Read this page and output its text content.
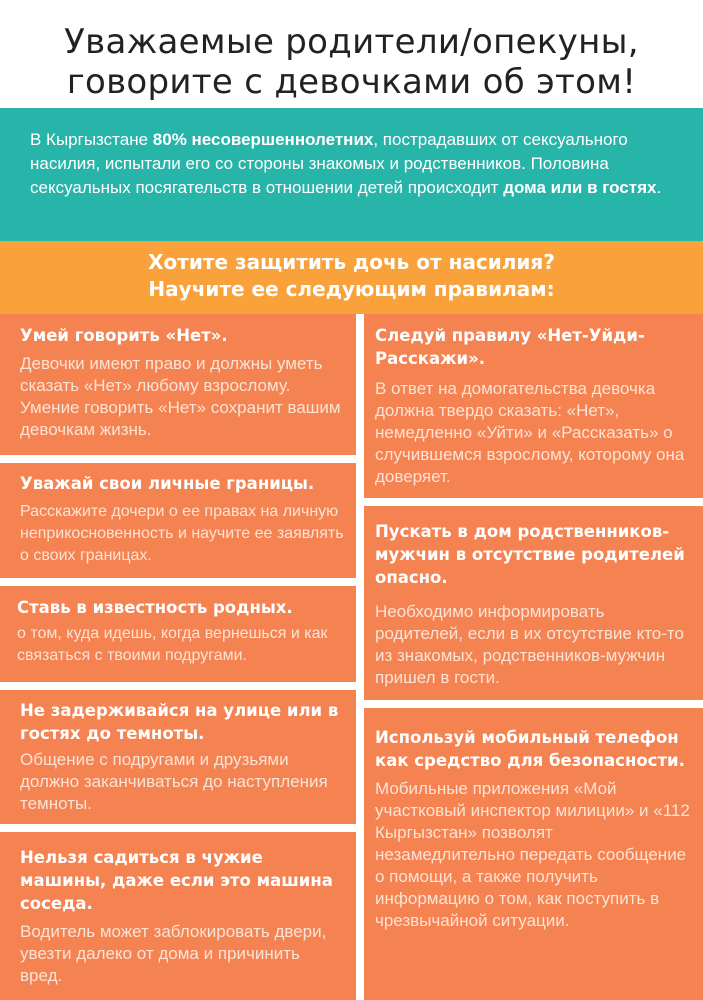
Уважаемые родители/опекуны,
говорите с девочками об этом!
В Кыргызстане 80% несовершеннолетних, пострадавших от сексуального насилия, испытали его со стороны знакомых и родственников. Половина сексуальных посягательств в отношении детей происходит дома или в гостях.
Хотите защитить дочь от насилия?
Научите ее следующим правилам:

Умей говорить «Нет».

Девочки имеют право и должны уметь сказать «Нет» любому взрослому. Умение говорить «Нет» сохранит вашим девочкам жизнь.

Уважай свои личные границы.

Расскажите дочери о ее правах на личную неприкосновенность и научите ее заявлять о своих границах.

Ставь в известность родных.

о том, куда идешь, когда вернешься и как связаться с твоими подругами.

Не задерживайся на улице или в гостях до темноты.

Общение с подругами и друзьями должно заканчиваться до наступления темноты.

Нельзя садиться в чужие машины, даже если это машина соседа.

Водитель может заблокировать двери, увезти далеко от дома и причинить вред.

Следуй правилу «Нет-Уйди-Расскажи».

В ответ на домогательства девочка должна твердо сказать: «Нет», немедленно «Уйти» и «Рассказать» о случившемся взрослому, которому она доверяет.

Пускать в дом родственников-мужчин в отсутствие родителей опасно.

Необходимо информировать родителей, если в их отсутствие кто-то из знакомых, родственников-мужчин пришел в гости.

Используй мобильный телефон как средство для безопасности.

Мобильные приложения «Мой участковый инспектор милиции» и «112 Кыргызстан» позволят незамедлительно передать сообщение о помощи, а также получить информацию о том, как поступить в чрезвычайной ситуации.
